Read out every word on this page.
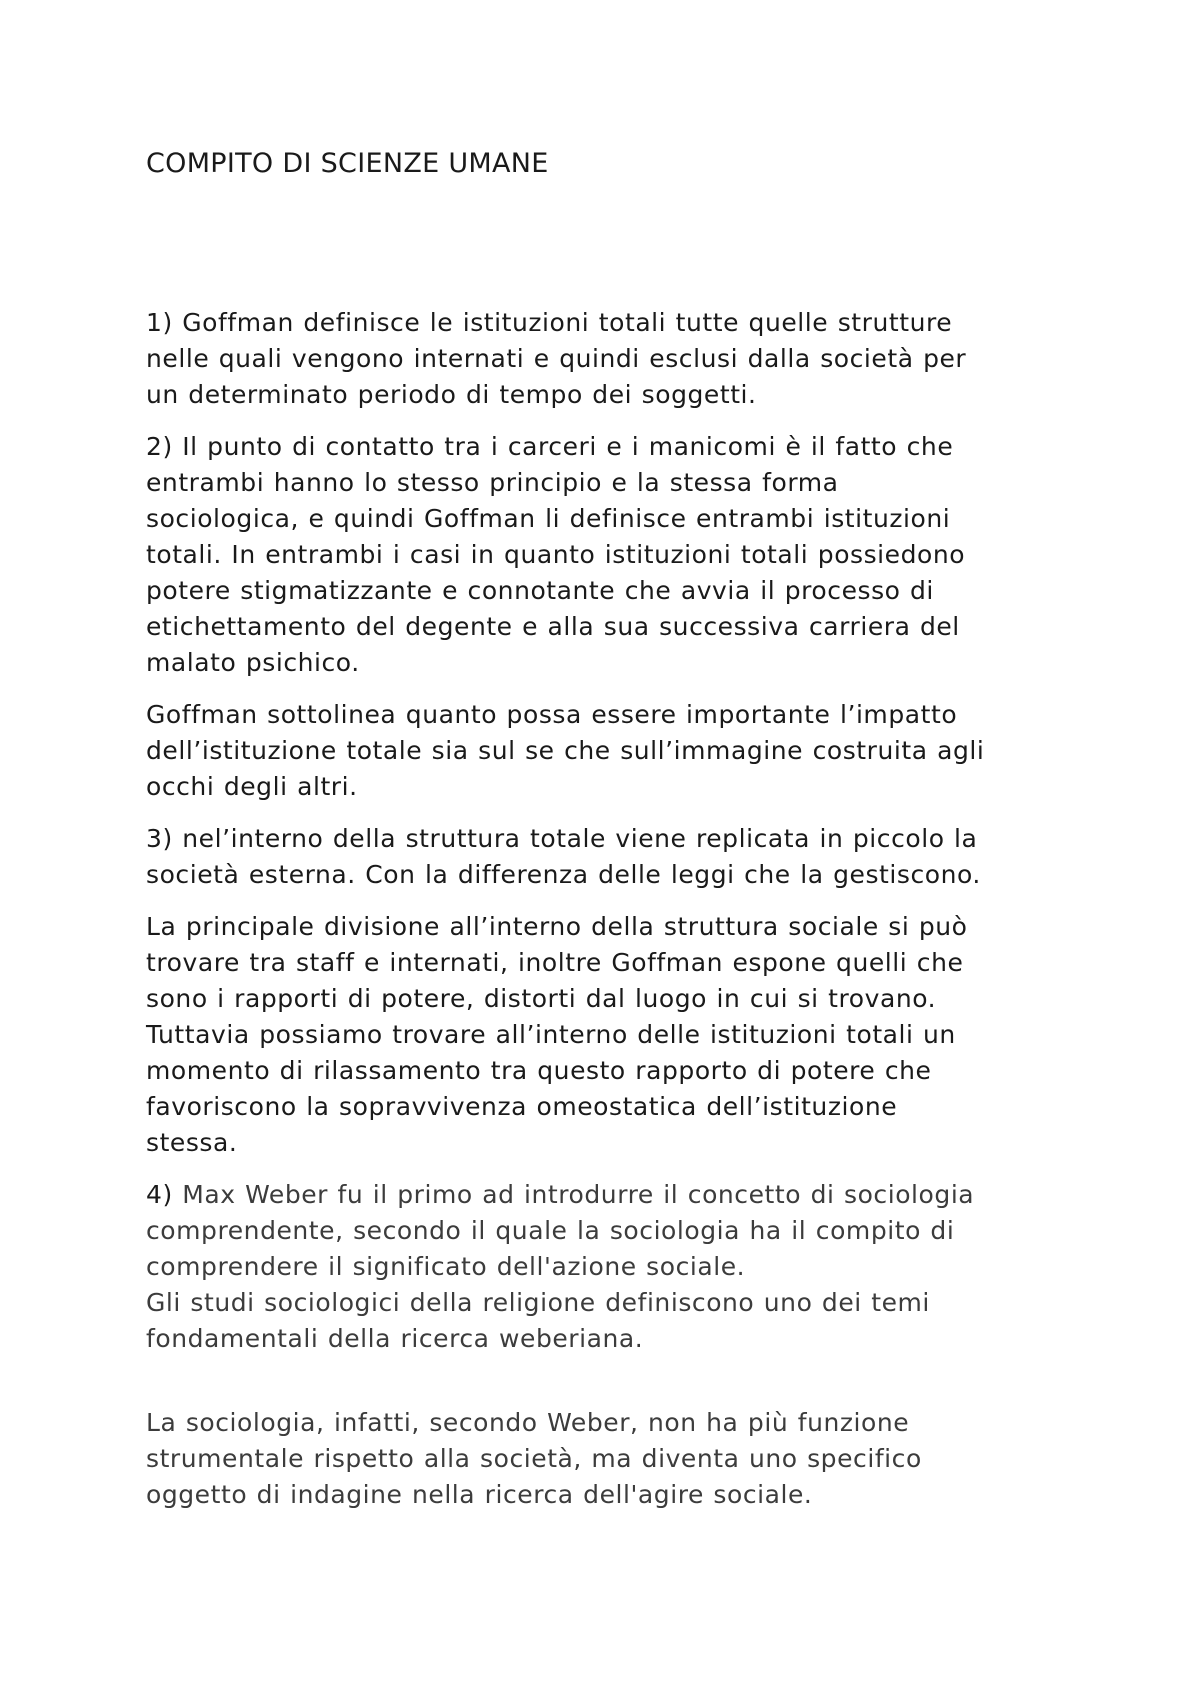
COMPITO DI SCIENZE UMANE
1) Goffman definisce le istituzioni totali tutte quelle strutture
nelle quali vengono internati e quindi esclusi dalla società per
un determinato periodo di tempo dei soggetti.
2) Il punto di contatto tra i carceri e i manicomi è il fatto che
entrambi hanno lo stesso principio e la stessa forma
sociologica, e quindi Goffman li definisce entrambi istituzioni
totali. In entrambi i casi in quanto istituzioni totali possiedono
potere stigmatizzante e connotante che avvia il processo di
etichettamento del degente e alla sua successiva carriera del
malato psichico.
Goffman sottolinea quanto possa essere importante l’impatto
dell’istituzione totale sia sul se che sull’immagine costruita agli
occhi degli altri.
3) nel’interno della struttura totale viene replicata in piccolo la
società esterna. Con la differenza delle leggi che la gestiscono.
La principale divisione all’interno della struttura sociale si può
trovare tra staff e internati, inoltre Goffman espone quelli che
sono i rapporti di potere, distorti dal luogo in cui si trovano.
Tuttavia possiamo trovare all’interno delle istituzioni totali un
momento di rilassamento tra questo rapporto di potere che
favoriscono la sopravvivenza omeostatica dell’istituzione
stessa.
4) Max Weber fu il primo ad introdurre il concetto di sociologia
comprendente, secondo il quale la sociologia ha il compito di
comprendere il significato dell'azione sociale.
Gli studi sociologici della religione definiscono uno dei temi
fondamentali della ricerca weberiana.
La sociologia, infatti, secondo Weber, non ha più funzione
strumentale rispetto alla società, ma diventa uno specifico
oggetto di indagine nella ricerca dell'agire sociale.
